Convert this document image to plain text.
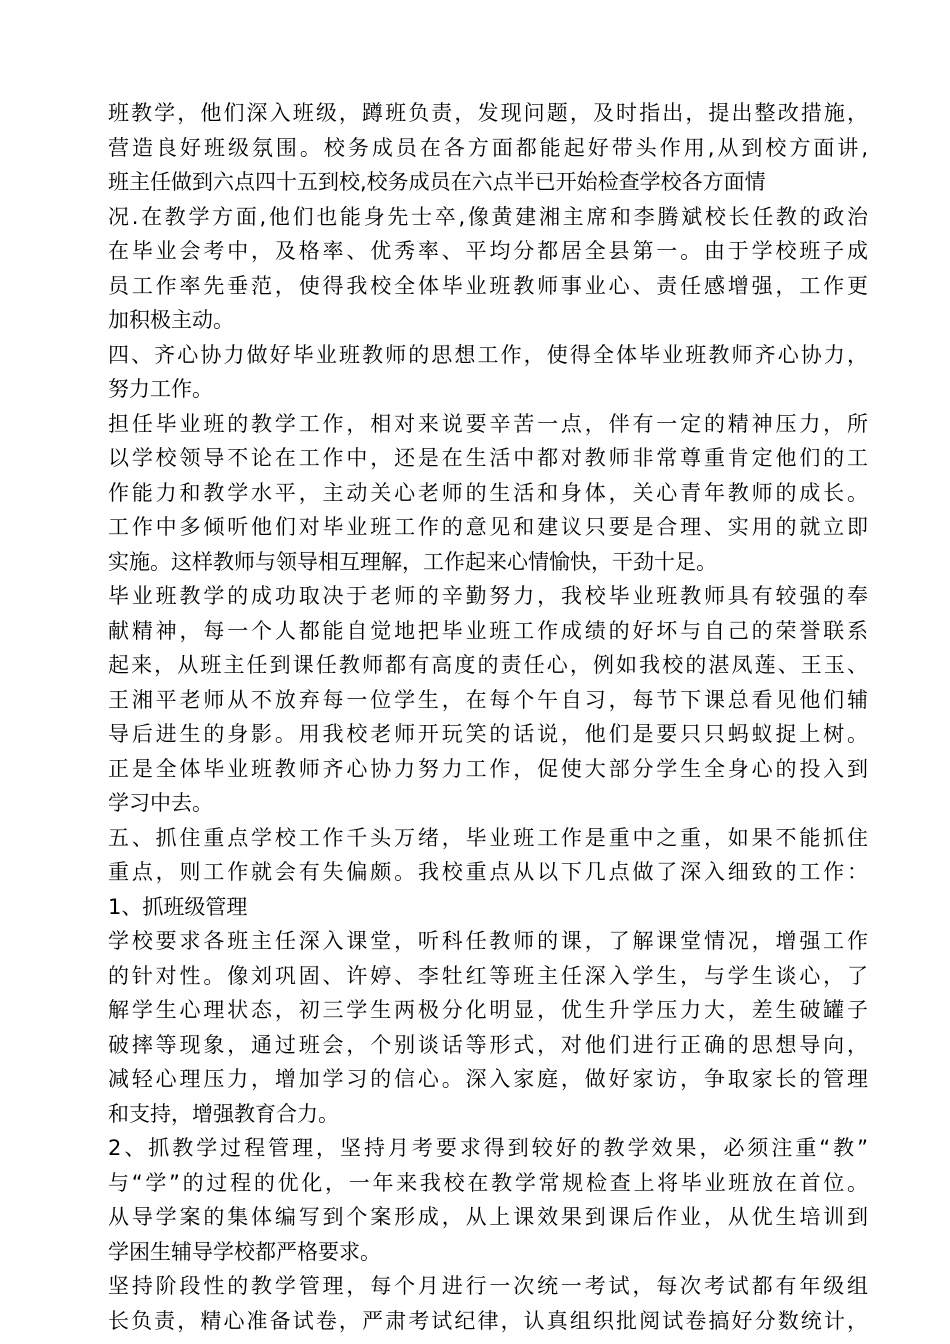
班教学，他们深入班级，蹲班负责，发现问题，及时指出，提出整改措施，
营造良好班级氛围。校务成员在各方面都能起好带头作用,从到校方面讲,
班主任做到六点四十五到校,校务成员在六点半已开始检查学校各方面情
况.在教学方面,他们也能身先士卒,像黄建湘主席和李腾斌校长任教的政治
在毕业会考中，及格率、优秀率、平均分都居全县第一。由于学校班子成
员工作率先垂范，使得我校全体毕业班教师事业心、责任感增强，工作更
加积极主动。
四、齐心协力做好毕业班教师的思想工作，使得全体毕业班教师齐心协力，
努力工作。
担任毕业班的教学工作，相对来说要辛苦一点，伴有一定的精神压力，所
以学校领导不论在工作中，还是在生活中都对教师非常尊重肯定他们的工
作能力和教学水平，主动关心老师的生活和身体，关心青年教师的成长。
工作中多倾听他们对毕业班工作的意见和建议只要是合理、实用的就立即
实施。这样教师与领导相互理解，工作起来心情愉快，干劲十足。
毕业班教学的成功取决于老师的辛勤努力，我校毕业班教师具有较强的奉
献精神，每一个人都能自觉地把毕业班工作成绩的好坏与自己的荣誉联系
起来，从班主任到课任教师都有高度的责任心，例如我校的湛凤莲、王玉、
王湘平老师从不放弃每一位学生，在每个午自习，每节下课总看见他们辅
导后进生的身影。用我校老师开玩笑的话说，他们是要只只蚂蚁捉上树。
正是全体毕业班教师齐心协力努力工作，促使大部分学生全身心的投入到
学习中去。
五、抓住重点学校工作千头万绪，毕业班工作是重中之重，如果不能抓住
重点，则工作就会有失偏颇。我校重点从以下几点做了深入细致的工作：
1、抓班级管理
学校要求各班主任深入课堂，听科任教师的课，了解课堂情况，增强工作
的针对性。像刘巩固、许婷、李牡红等班主任深入学生，与学生谈心，了
解学生心理状态，初三学生两极分化明显，优生升学压力大，差生破罐子
破摔等现象，通过班会，个别谈话等形式，对他们进行正确的思想导向，
减轻心理压力，增加学习的信心。深入家庭，做好家访，争取家长的管理
和支持，增强教育合力。
2、抓教学过程管理，坚持月考要求得到较好的教学效果，必须注重“教”
与“学”的过程的优化，一年来我校在教学常规检查上将毕业班放在首位。
从导学案的集体编写到个案形成，从上课效果到课后作业，从优生培训到
学困生辅导学校都严格要求。
坚持阶段性的教学管理，每个月进行一次统一考试，每次考试都有年级组
长负责，精心准备试卷，严肃考试纪律，认真组织批阅试卷搞好分数统计，
